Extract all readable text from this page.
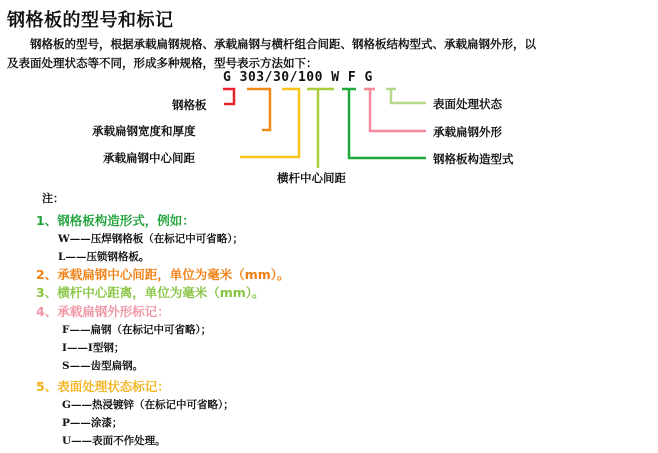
钢格板的型号和标记
钢格板的型号，根据承载扁钢规格、承载扁钢与横杆组合间距、钢格板结构型式、承载扁钢外形，以
及表面处理状态等不同，形成多种规格，型号表示方法如下：
G 303/30/100 W F G
钢格板
承载扁钢宽度和厚度
承载扁钢中心间距
横杆中心间距
表面处理状态
承载扁钢外形
钢格板构造型式
注：
1、钢格板构造形式，例如：
W——压焊钢格板（在标记中可省略）；
L——压锁钢格板。
2、承载扁钢中心间距，单位为毫米（mm）。
3、横杆中心距离，单位为毫米（mm）。
4、承载扁钢外形标记：
F——扁钢（在标记中可省略）；
I——I型钢；
S——齿型扁钢。
5、表面处理状态标记：
G——热浸镀锌（在标记中可省略）；
P——涂漆；
U——表面不作处理。
